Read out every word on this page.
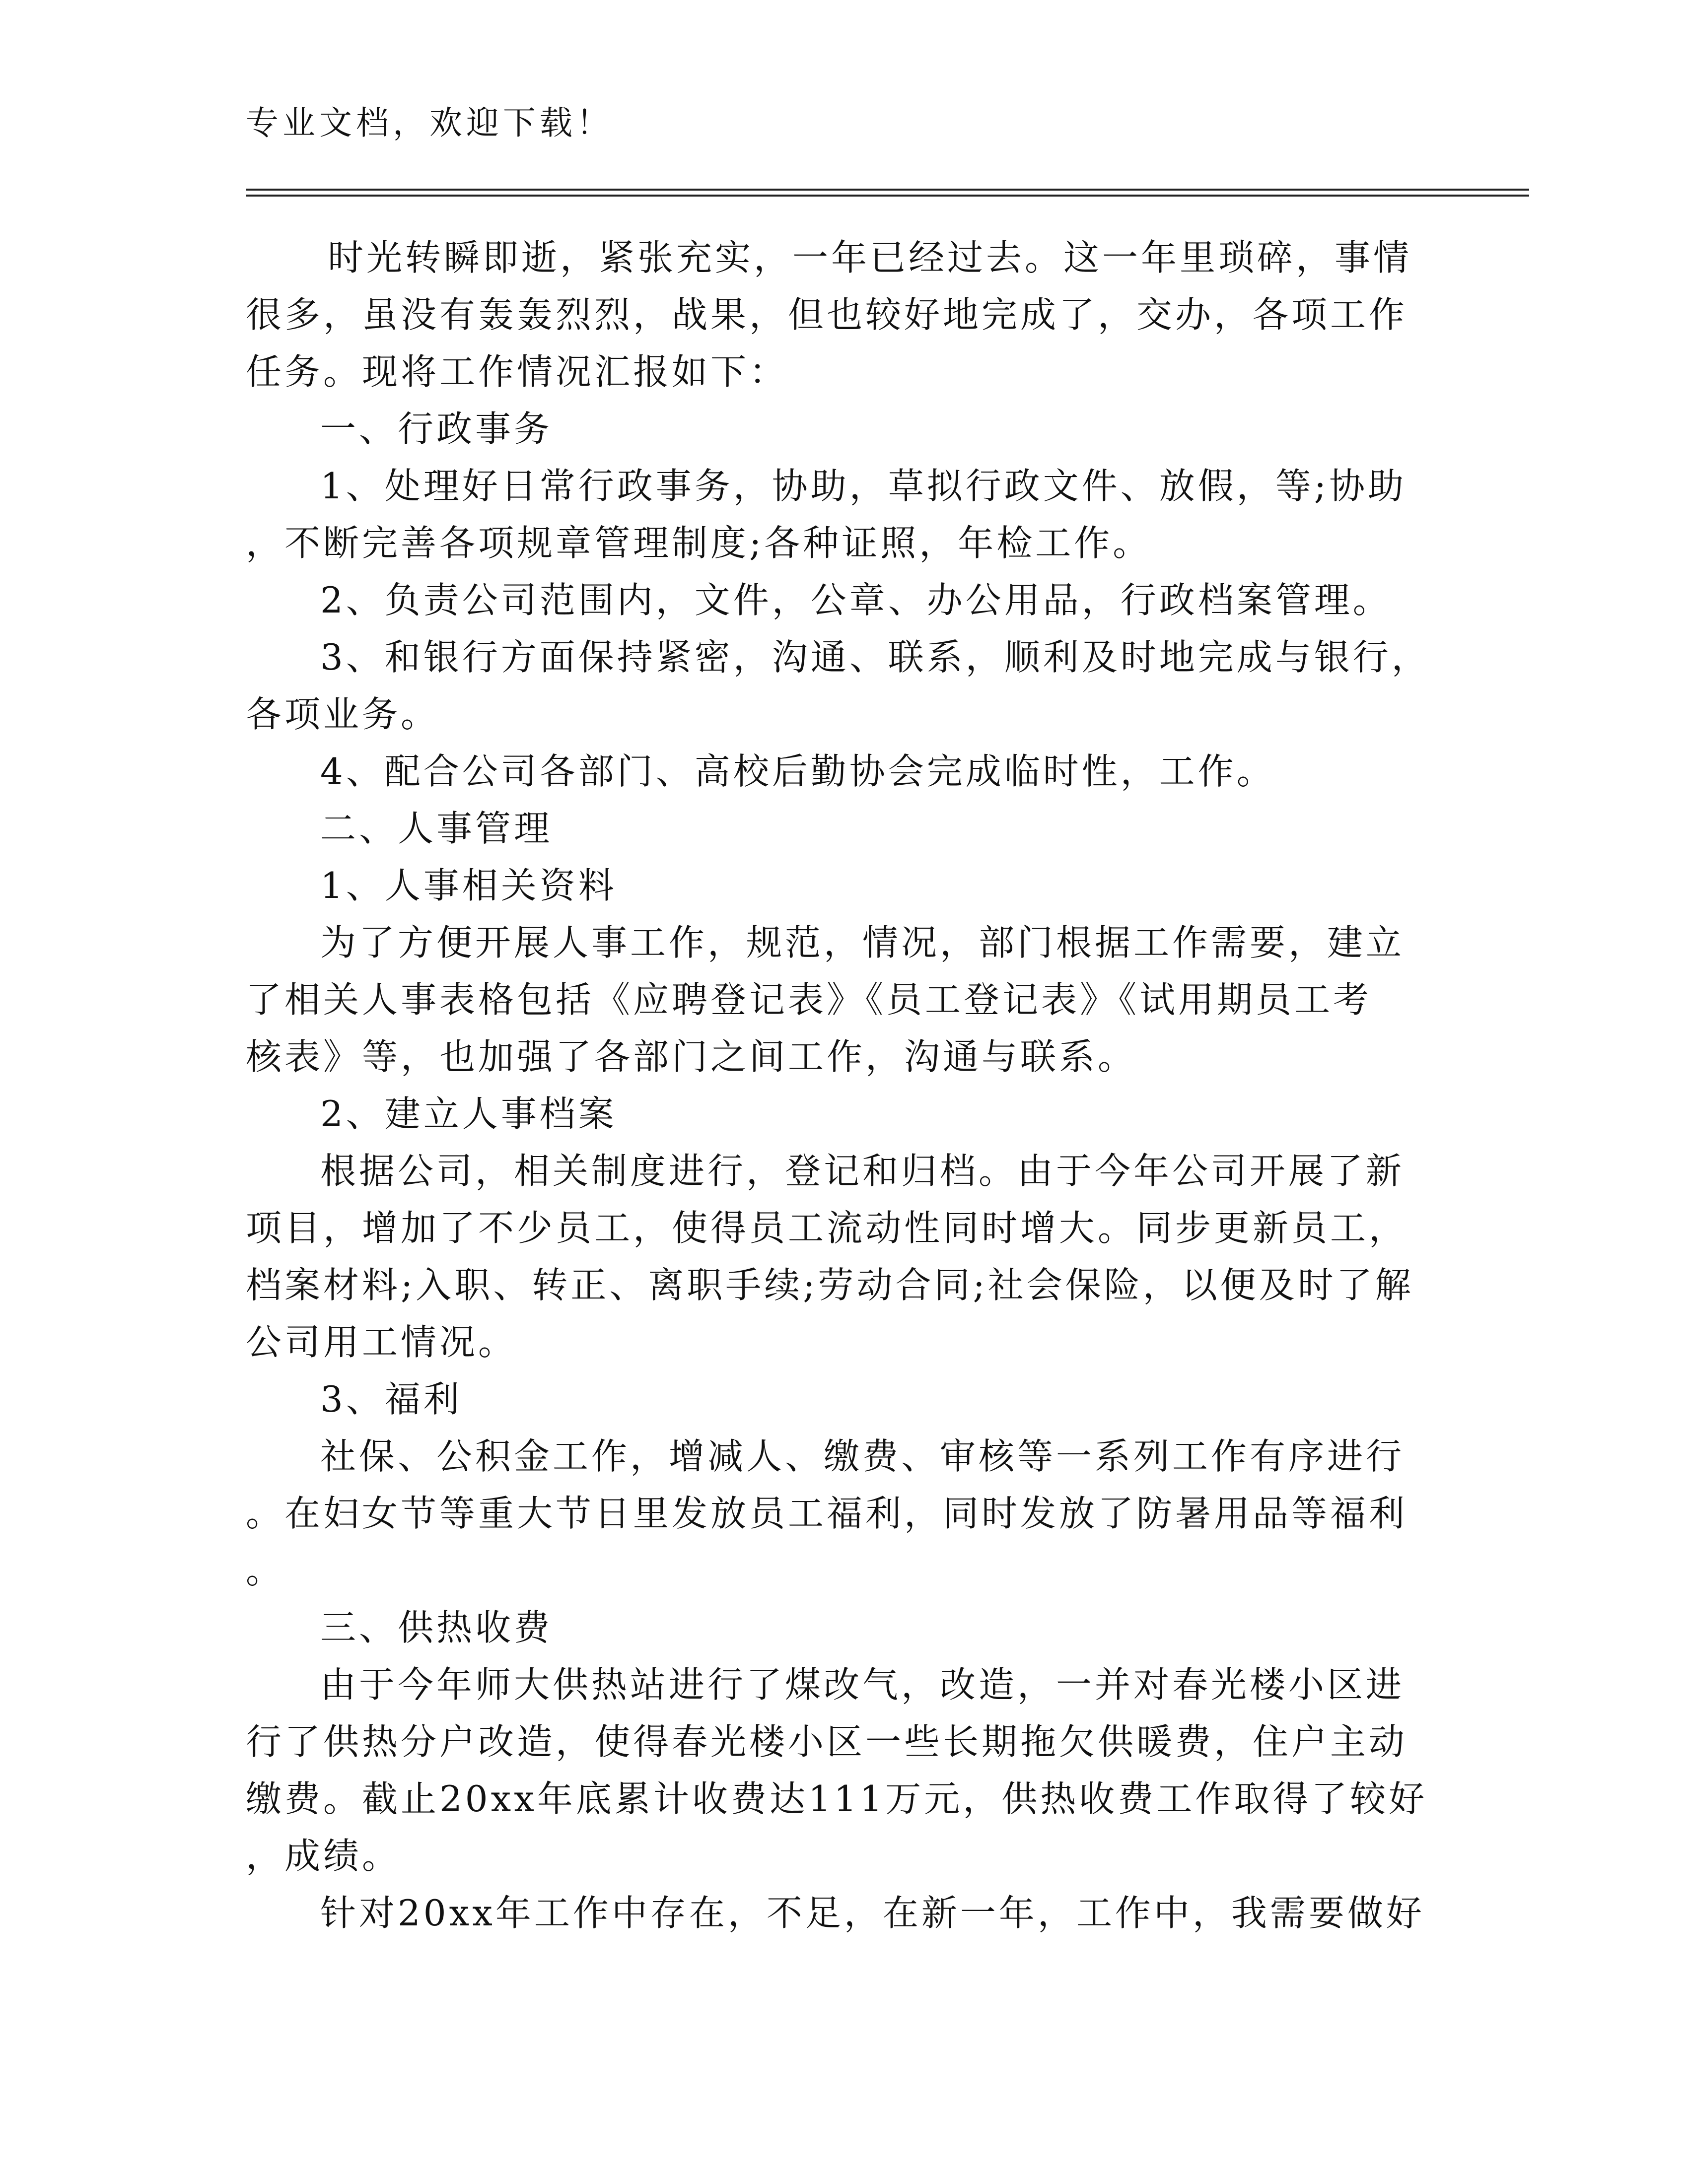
专业文档，欢迎下载！
时光转瞬即逝，紧张充实，一年已经过去。这一年里琐碎，事情
很多，虽没有轰轰烈烈，战果，但也较好地完成了，交办，各项工作
任务。现将工作情况汇报如下：
一、行政事务
1、处理好日常行政事务，协助，草拟行政文件、放假，等;协助
，不断完善各项规章管理制度;各种证照，年检工作。
2、负责公司范围内，文件，公章、办公用品，行政档案管理。
3、和银行方面保持紧密，沟通、联系，顺利及时地完成与银行，
各项业务。
4、配合公司各部门、高校后勤协会完成临时性，工作。
二、人事管理
1、人事相关资料
为了方便开展人事工作，规范，情况，部门根据工作需要，建立
了相关人事表格包括《应聘登记表》《员工登记表》《试用期员工考
核表》等，也加强了各部门之间工作，沟通与联系。
2、建立人事档案
根据公司，相关制度进行，登记和归档。由于今年公司开展了新
项目，增加了不少员工，使得员工流动性同时增大。同步更新员工，
档案材料;入职、转正、离职手续;劳动合同;社会保险，以便及时了解
公司用工情况。
3、福利
社保、公积金工作，增减人、缴费、审核等一系列工作有序进行
。在妇女节等重大节日里发放员工福利，同时发放了防暑用品等福利
。
三、供热收费
由于今年师大供热站进行了煤改气，改造，一并对春光楼小区进
行了供热分户改造，使得春光楼小区一些长期拖欠供暖费，住户主动
缴费。截止20xx年底累计收费达111万元，供热收费工作取得了较好
，成绩。
针对20xx年工作中存在，不足，在新一年，工作中，我需要做好
